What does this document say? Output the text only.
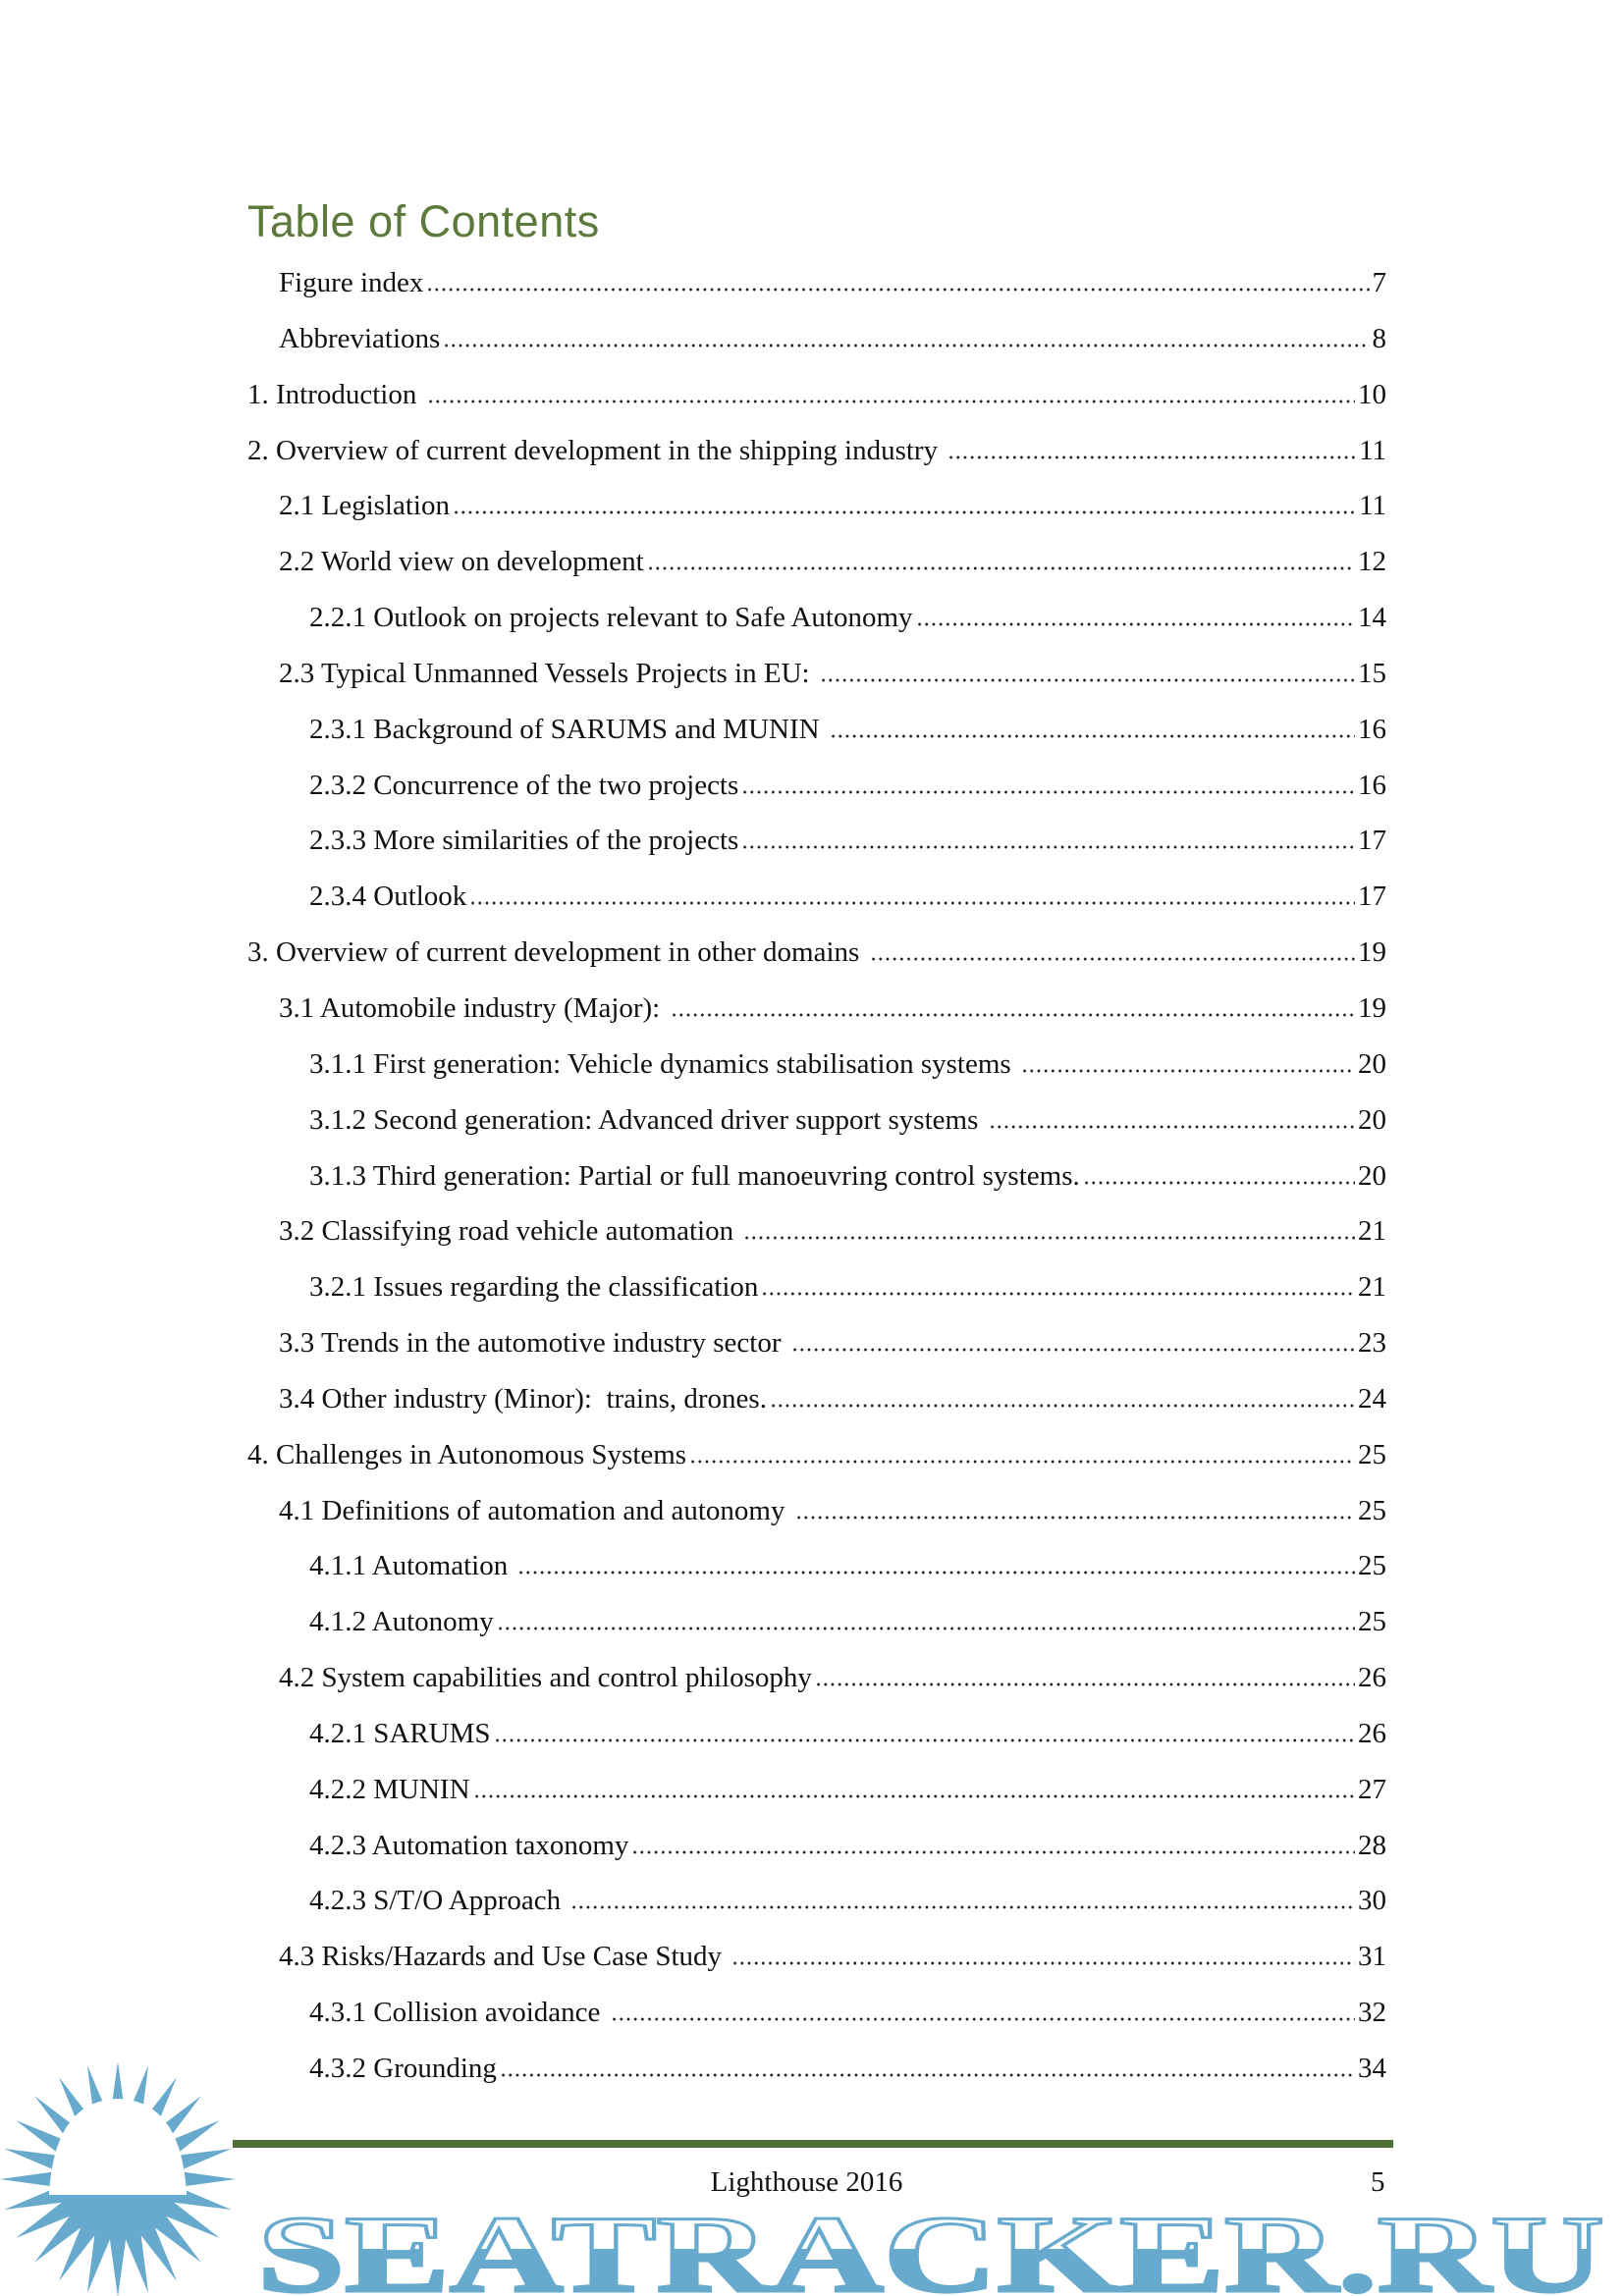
Table of Contents
Figure index	7
Abbreviations	8
1. Introduction	10
2. Overview of current development in the shipping industry	11
2.1 Legislation	11
2.2 World view on development	12
2.2.1 Outlook on projects relevant to Safe Autonomy	14
2.3 Typical Unmanned Vessels Projects in EU:	15
2.3.1 Background of SARUMS and MUNIN	16
2.3.2 Concurrence of the two projects	16
2.3.3 More similarities of the projects	17
2.3.4 Outlook	17
3. Overview of current development in other domains	19
3.1 Automobile industry (Major):	19
3.1.1 First generation: Vehicle dynamics stabilisation systems	20
3.1.2 Second generation: Advanced driver support systems	20
3.1.3 Third generation: Partial or full manoeuvring control systems.	20
3.2 Classifying road vehicle automation	21
3.2.1 Issues regarding the classification	21
3.3 Trends in the automotive industry sector	23
3.4 Other industry (Minor):  trains, drones.	24
4. Challenges in Autonomous Systems	25
4.1 Definitions of automation and autonomy	25
4.1.1 Automation	25
4.1.2 Autonomy	25
4.2 System capabilities and control philosophy	26
4.2.1 SARUMS	26
4.2.2 MUNIN	27
4.2.3 Automation taxonomy	28
4.2.3 S/T/O Approach	30
4.3 Risks/Hazards and Use Case Study	31
4.3.1 Collision avoidance	32
4.3.2 Grounding	34
SEATRACKER.RU
Lighthouse 2016	5
